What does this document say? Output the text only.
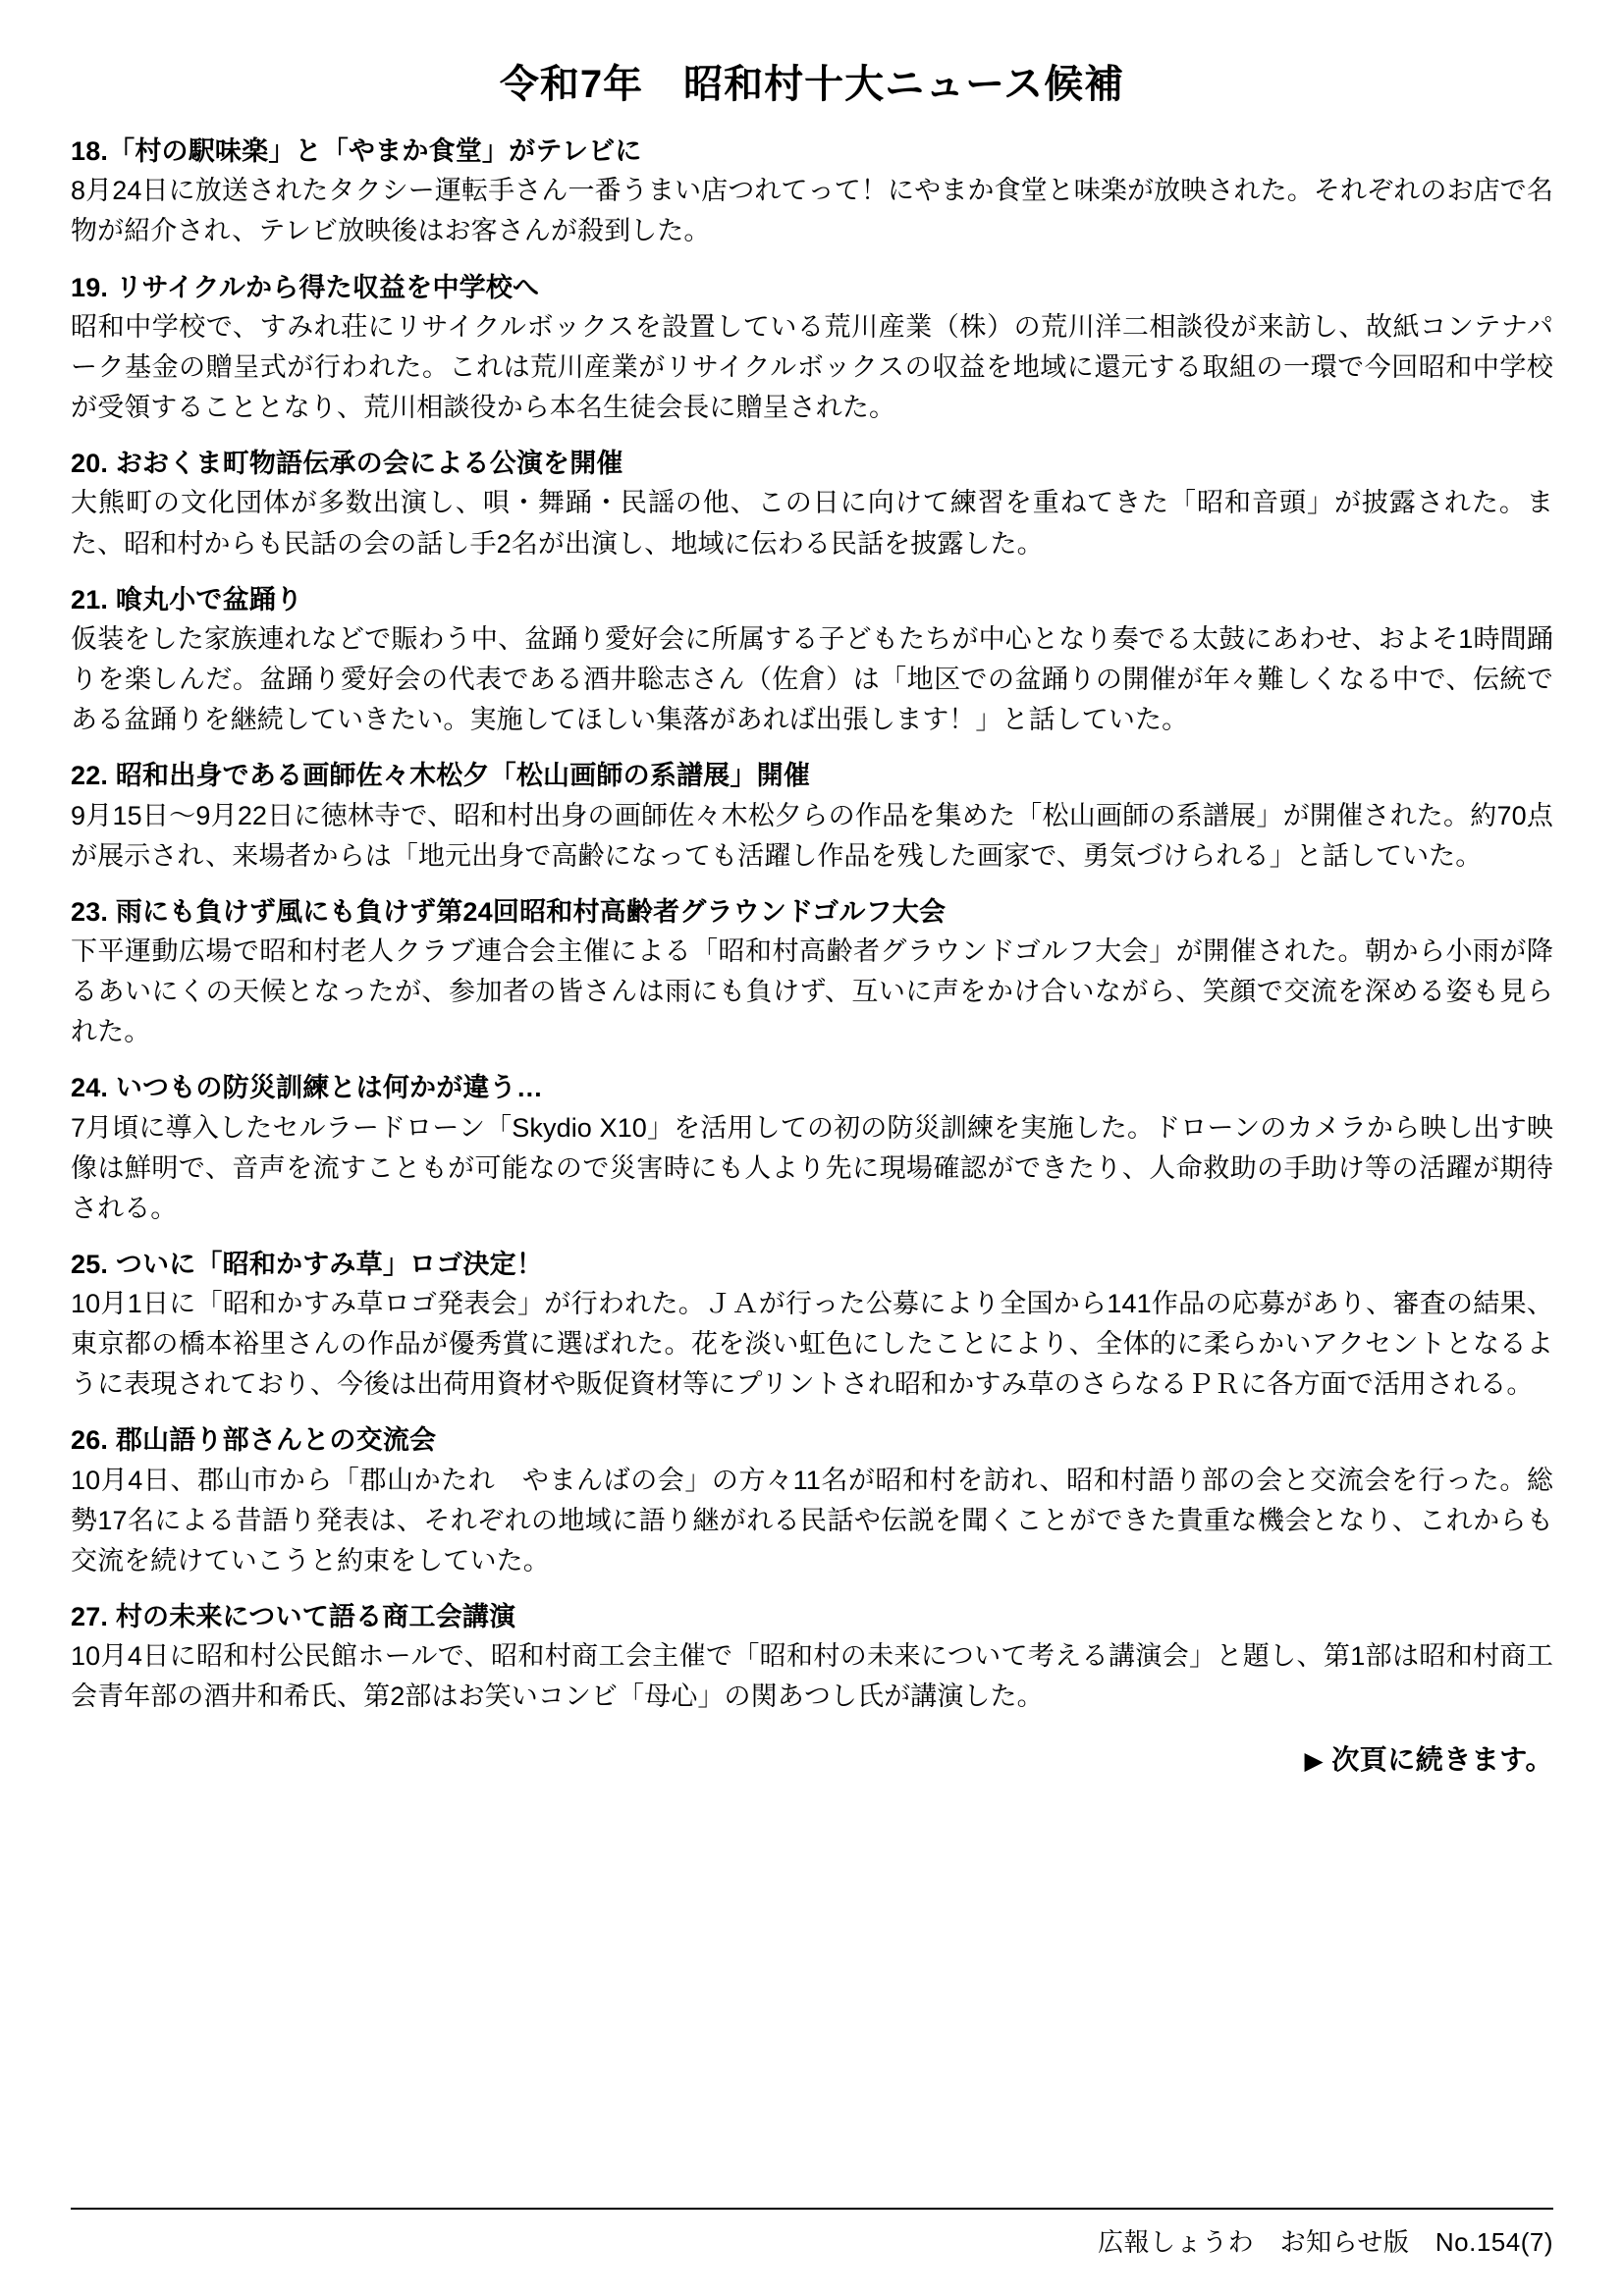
令和7年　昭和村十大ニュース候補
18.「村の駅味楽」と「やまか食堂」がテレビに

8月24日に放送されたタクシー運転手さん一番うまい店つれてって！にやまか食堂と味楽が放映された。それぞれのお店で名物が紹介され、テレビ放映後はお客さんが殺到した。

19. リサイクルから得た収益を中学校へ

昭和中学校で、すみれ荘にリサイクルボックスを設置している荒川産業（株）の荒川洋二相談役が来訪し、故紙コンテナパーク基金の贈呈式が行われた。これは荒川産業がリサイクルボックスの収益を地域に還元する取組の一環で今回昭和中学校が受領することとなり、荒川相談役から本名生徒会長に贈呈された。

20. おおくま町物語伝承の会による公演を開催

大熊町の文化団体が多数出演し、唄・舞踊・民謡の他、この日に向けて練習を重ねてきた「昭和音頭」が披露された。また、昭和村からも民話の会の話し手2名が出演し、地域に伝わる民話を披露した。

21. 喰丸小で盆踊り

仮装をした家族連れなどで賑わう中、盆踊り愛好会に所属する子どもたちが中心となり奏でる太鼓にあわせ、およそ1時間踊りを楽しんだ。盆踊り愛好会の代表である酒井聡志さん（佐倉）は「地区での盆踊りの開催が年々難しくなる中で、伝統である盆踊りを継続していきたい。実施してほしい集落があれば出張します！」と話していた。

22. 昭和出身である画師佐々木松夕「松山画師の系譜展」開催

9月15日〜9月22日に徳林寺で、昭和村出身の画師佐々木松夕らの作品を集めた「松山画師の系譜展」が開催された。約70点が展示され、来場者からは「地元出身で高齢になっても活躍し作品を残した画家で、勇気づけられる」と話していた。

23. 雨にも負けず風にも負けず第24回昭和村高齢者グラウンドゴルフ大会

下平運動広場で昭和村老人クラブ連合会主催による「昭和村高齢者グラウンドゴルフ大会」が開催された。朝から小雨が降るあいにくの天候となったが、参加者の皆さんは雨にも負けず、互いに声をかけ合いながら、笑顔で交流を深める姿も見られた。

24. いつもの防災訓練とは何かが違う…

7月頃に導入したセルラードローン「Skydio X10」を活用しての初の防災訓練を実施した。ドローンのカメラから映し出す映像は鮮明で、音声を流すこともが可能なので災害時にも人より先に現場確認ができたり、人命救助の手助け等の活躍が期待される。

25. ついに「昭和かすみ草」ロゴ決定！

10月1日に「昭和かすみ草ロゴ発表会」が行われた。ＪＡが行った公募により全国から141作品の応募があり、審査の結果、東京都の橋本裕里さんの作品が優秀賞に選ばれた。花を淡い虹色にしたことにより、全体的に柔らかいアクセントとなるように表現されており、今後は出荷用資材や販促資材等にプリントされ昭和かすみ草のさらなるＰＲに各方面で活用される。

26. 郡山語り部さんとの交流会

10月4日、郡山市から「郡山かたれ　やまんばの会」の方々11名が昭和村を訪れ、昭和村語り部の会と交流会を行った。総勢17名による昔語り発表は、それぞれの地域に語り継がれる民話や伝説を聞くことができた貴重な機会となり、これからも交流を続けていこうと約束をしていた。

27. 村の未来について語る商工会講演

10月4日に昭和村公民館ホールで、昭和村商工会主催で「昭和村の未来について考える講演会」と題し、第1部は昭和村商工会青年部の酒井和希氏、第2部はお笑いコンビ「母心」の関あつし氏が講演した。

▶ 次頁に続きます。
広報しょうわ　お知らせ版　No.154(7)
